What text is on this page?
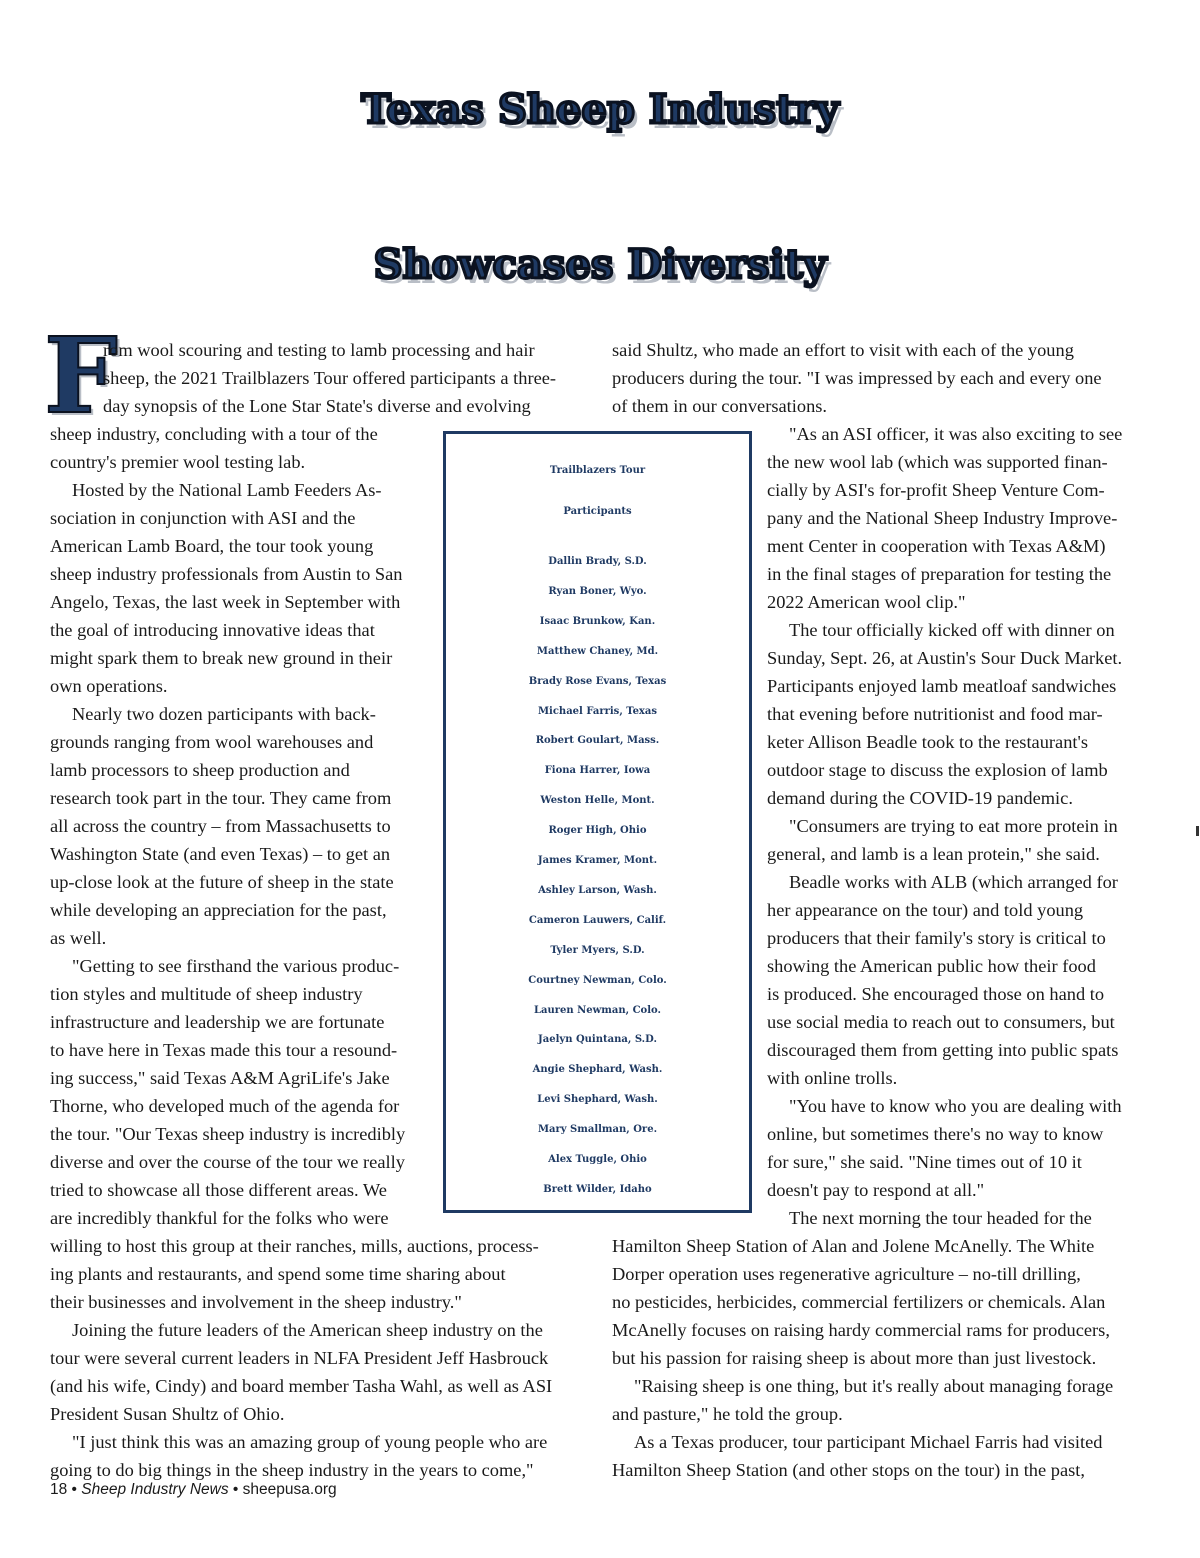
Texas Sheep Industry
Showcases Diversity
F
rom wool scouring and testing to lamb processing and hair
sheep, the 2021 Trailblazers Tour offered participants a three-
day synopsis of the Lone Star State's diverse and evolving
sheep industry, concluding with a tour of the
country's premier wool testing lab.
Hosted by the National Lamb Feeders As-
sociation in conjunction with ASI and the
American Lamb Board, the tour took young
sheep industry professionals from Austin to San
Angelo, Texas, the last week in September with
the goal of introducing innovative ideas that
might spark them to break new ground in their
own operations.
Nearly two dozen participants with back-
grounds ranging from wool warehouses and
lamb processors to sheep production and
research took part in the tour. They came from
all across the country – from Massachusetts to
Washington State (and even Texas) – to get an
up-close look at the future of sheep in the state
while developing an appreciation for the past,
as well.
"Getting to see firsthand the various produc-
tion styles and multitude of sheep industry
infrastructure and leadership we are fortunate
to have here in Texas made this tour a resound-
ing success," said Texas A&M AgriLife's Jake
Thorne, who developed much of the agenda for
the tour. "Our Texas sheep industry is incredibly
diverse and over the course of the tour we really
tried to showcase all those different areas. We
are incredibly thankful for the folks who were
willing to host this group at their ranches, mills, auctions, process-
ing plants and restaurants, and spend some time sharing about
their businesses and involvement in the sheep industry."
Joining the future leaders of the American sheep industry on the
tour were several current leaders in NLFA President Jeff Hasbrouck
(and his wife, Cindy) and board member Tasha Wahl, as well as ASI
President Susan Shultz of Ohio.
"I just think this was an amazing group of young people who are
going to do big things in the sheep industry in the years to come,"
said Shultz, who made an effort to visit with each of the young
producers during the tour. "I was impressed by each and every one
of them in our conversations.
"As an ASI officer, it was also exciting to see
the new wool lab (which was supported finan-
cially by ASI's for-profit Sheep Venture Com-
pany and the National Sheep Industry Improve-
ment Center in cooperation with Texas A&M)
in the final stages of preparation for testing the
2022 American wool clip."
The tour officially kicked off with dinner on
Sunday, Sept. 26, at Austin's Sour Duck Market.
Participants enjoyed lamb meatloaf sandwiches
that evening before nutritionist and food mar-
keter Allison Beadle took to the restaurant's
outdoor stage to discuss the explosion of lamb
demand during the COVID-19 pandemic.
"Consumers are trying to eat more protein in
general, and lamb is a lean protein," she said.
Beadle works with ALB (which arranged for
her appearance on the tour) and told young
producers that their family's story is critical to
showing the American public how their food
is produced. She encouraged those on hand to
use social media to reach out to consumers, but
discouraged them from getting into public spats
with online trolls.
"You have to know who you are dealing with
online, but sometimes there's no way to know
for sure," she said. "Nine times out of 10 it
doesn't pay to respond at all."
The next morning the tour headed for the
Hamilton Sheep Station of Alan and Jolene McAnelly. The White
Dorper operation uses regenerative agriculture – no-till drilling,
no pesticides, herbicides, commercial fertilizers or chemicals. Alan
McAnelly focuses on raising hardy commercial rams for producers,
but his passion for raising sheep is about more than just livestock.
"Raising sheep is one thing, but it's really about managing forage
and pasture," he told the group.
As a Texas producer, tour participant Michael Farris had visited
Hamilton Sheep Station (and other stops on the tour) in the past,
Trailblazers Tour
Participants
Dallin Brady, S.D.
Ryan Boner, Wyo.
Isaac Brunkow, Kan.
Matthew Chaney, Md.
Brady Rose Evans, Texas
Michael Farris, Texas
Robert Goulart, Mass.
Fiona Harrer, Iowa
Weston Helle, Mont.
Roger High, Ohio
James Kramer, Mont.
Ashley Larson, Wash.
Cameron Lauwers, Calif.
Tyler Myers, S.D.
Courtney Newman, Colo.
Lauren Newman, Colo.
Jaelyn Quintana, S.D.
Angie Shephard, Wash.
Levi Shephard, Wash.
Mary Smallman, Ore.
Alex Tuggle, Ohio
Brett Wilder, Idaho
18 • Sheep Industry News • sheepusa.org
